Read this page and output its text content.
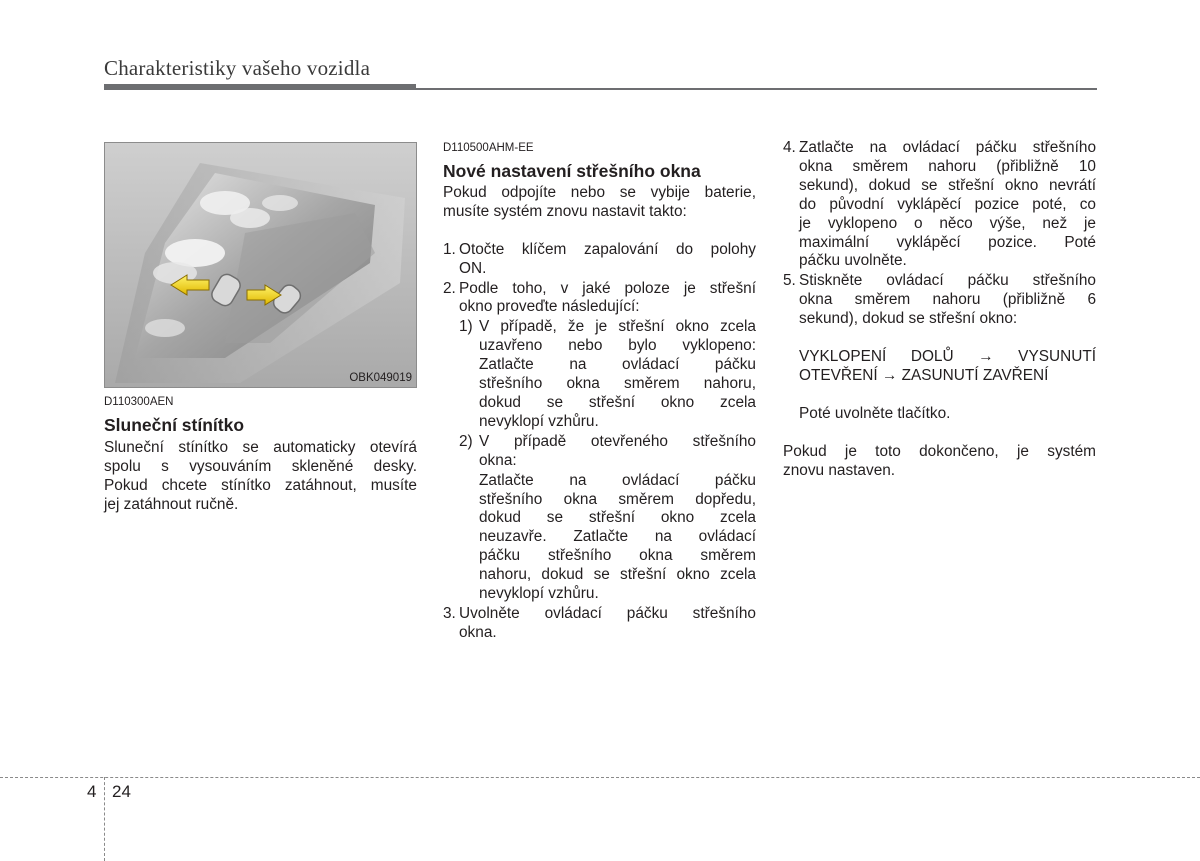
Charakteristiky vašeho vozidla
OBK049019
D110300AEN
Sluneční stínítko
Sluneční stínítko se automaticky otevírá
spolu s vysouváním skleněné desky.
Pokud chcete stínítko zatáhnout, musíte
jej zatáhnout ručně.
D110500AHM-EE
Nové nastavení střešního okna
Pokud odpojíte nebo se vybije baterie,
musíte systém znovu nastavit takto:
1. Otočte klíčem zapalování do polohy
ON.
2. Podle toho, v jaké poloze je střešní
okno proveďte následující:
1) V případě, že je střešní okno zcela
uzavřeno nebo bylo vyklopeno:
Zatlačte na ovládací páčku
střešního okna směrem nahoru,
dokud se střešní okno zcela
nevyklopí vzhůru.
2) V případě otevřeného střešního
okna:
Zatlačte na ovládací páčku
střešního okna směrem dopředu,
dokud se střešní okno zcela
neuzavře. Zatlačte na ovládací
páčku střešního okna směrem
nahoru, dokud se střešní okno zcela
nevyklopí vzhůru.
3. Uvolněte ovládací páčku střešního
okna.
4. Zatlačte na ovládací páčku střešního
okna směrem nahoru (přibližně 10
sekund), dokud se střešní okno nevrátí
do původní vyklápěcí pozice poté, co
je vyklopeno o něco výše, než je
maximální vyklápěcí pozice. Poté
páčku uvolněte.
5. Stiskněte ovládací páčku střešního
okna směrem nahoru (přibližně 6
sekund), dokud se střešní okno:
VYKLOPENÍ DOLŮ → VYSUNUTÍ
OTEVŘENÍ → ZASUNUTÍ ZAVŘENÍ
Poté uvolněte tlačítko.
Pokud je toto dokončeno, je systém
znovu nastaven.
4 24
